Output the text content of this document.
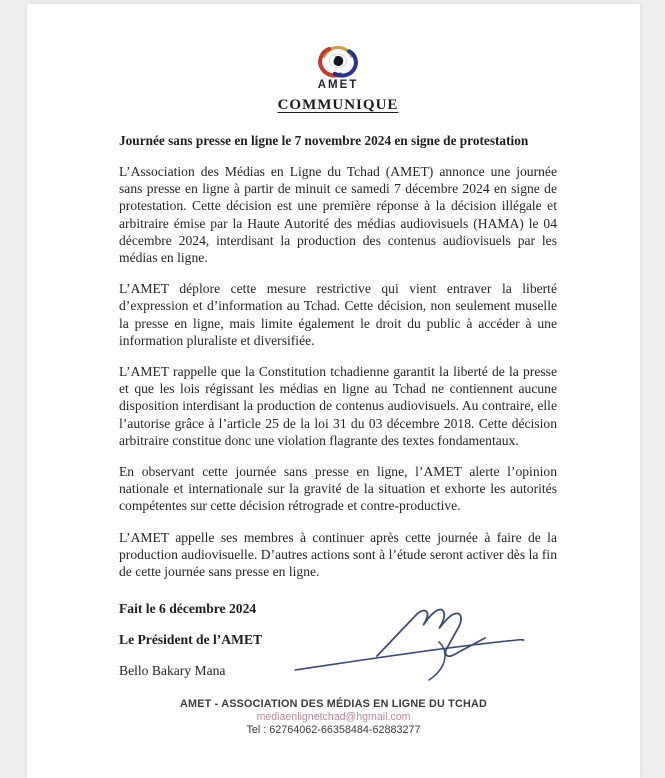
AMET
COMMUNIQUE

Journée sans presse en ligne le 7 novembre 2024 en signe de protestation

L’Association des Médias en Ligne du Tchad (AMET) annonce une journée sans presse en ligne à partir de minuit ce samedi 7 décembre 2024 en signe de protestation. Cette décision est une première réponse à la décision illégale et arbitraire émise par la Haute Autorité des médias audiovisuels (HAMA) le 04 décembre 2024, interdisant la production des contenus audiovisuels par les médias en ligne.

L’AMET déplore cette mesure restrictive qui vient entraver la liberté d’expression et d’information au Tchad. Cette décision, non seulement muselle la presse en ligne, mais limite également le droit du public à accéder à une information pluraliste et diversifiée.

L’AMET rappelle que la Constitution tchadienne garantit la liberté de la presse et que les lois régissant les médias en ligne au Tchad ne contiennent aucune disposition interdisant la production de contenus audiovisuels. Au contraire, elle l’autorise grâce à l’article 25 de la loi 31 du 03 décembre 2018. Cette décision arbitraire constitue donc une violation flagrante des textes fondamentaux.

En observant cette journée sans presse en ligne, l’AMET alerte l’opinion nationale et internationale sur la gravité de la situation et exhorte les autorités compétentes sur cette décision rétrograde et contre-productive.

L’AMET appelle ses membres à continuer après cette journée à faire de la production audiovisuelle. D’autres actions sont à l’étude seront activer dès la fin de cette journée sans presse en ligne.

Fait le 6 décembre 2024

Le Président de l’AMET

Bello Bakary Mana

AMET - ASSOCIATION DES MÉDIAS EN LIGNE DU TCHAD
mediaenlignetchad@hgmail.com
Tel : 62764062-66358484-62883277
